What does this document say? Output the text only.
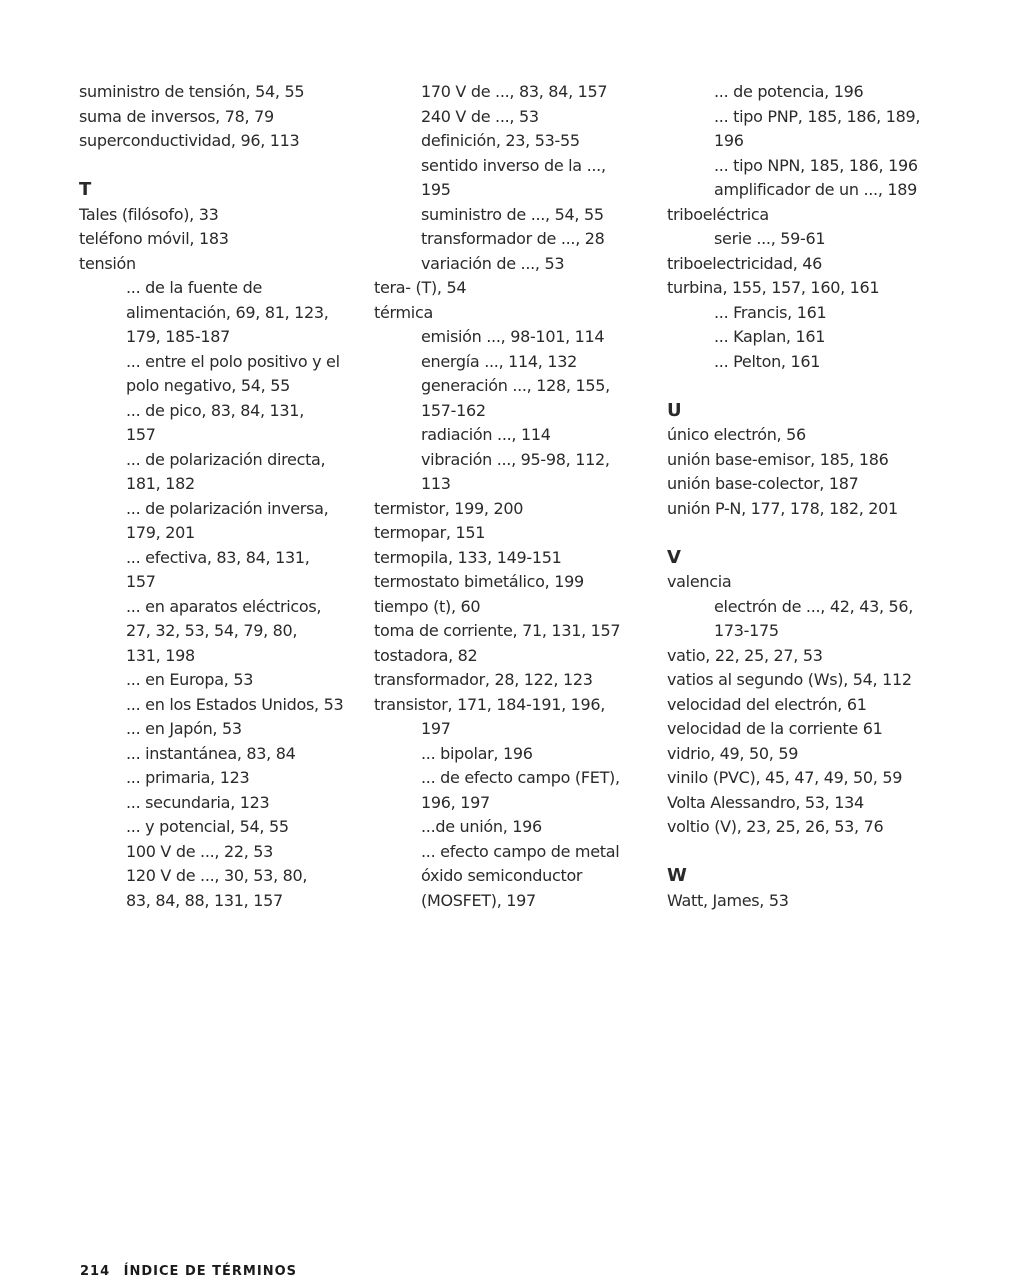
suministro de tensión, 54, 55
suma de inversos, 78, 79
superconductividad, 96, 113
T
Tales (filósofo), 33
teléfono móvil, 183
tensión
... de la fuente de
alimentación, 69, 81, 123,
179, 185-187
... entre el polo positivo y el
polo negativo, 54, 55
... de pico, 83, 84, 131,
157
... de polarización directa,
181, 182
... de polarización inversa,
179, 201
... efectiva, 83, 84, 131,
157
... en aparatos eléctricos,
27, 32, 53, 54, 79, 80,
131, 198
... en Europa, 53
... en los Estados Unidos, 53
... en Japón, 53
... instantánea, 83, 84
... primaria, 123
... secundaria, 123
... y potencial, 54, 55
100 V de ..., 22, 53
120 V de ..., 30, 53, 80,
83, 84, 88, 131, 157
170 V de ..., 83, 84, 157
240 V de ..., 53
definición, 23, 53-55
sentido inverso de la ...,
195
suministro de ..., 54, 55
transformador de ..., 28
variación de ..., 53
tera- (T), 54
térmica
emisión ..., 98-101, 114
energía ..., 114, 132
generación ..., 128, 155,
157-162
radiación ..., 114
vibración ..., 95-98, 112,
113
termistor, 199, 200
termopar, 151
termopila, 133, 149-151
termostato bimetálico, 199
tiempo (t), 60
toma de corriente, 71, 131, 157
tostadora, 82
transformador, 28, 122, 123
transistor, 171, 184-191, 196,
197
... bipolar, 196
... de efecto campo (FET),
196, 197
...de unión, 196
... efecto campo de metal
óxido semiconductor
(MOSFET), 197
... de potencia, 196
... tipo PNP, 185, 186, 189,
196
... tipo NPN, 185, 186, 196
amplificador de un ..., 189
triboeléctrica
serie ..., 59-61
triboelectricidad, 46
turbina, 155, 157, 160, 161
... Francis, 161
... Kaplan, 161
... Pelton, 161
U
único electrón, 56
unión base-emisor, 185, 186
unión base-colector, 187
unión P-N, 177, 178, 182, 201
V
valencia
electrón de ..., 42, 43, 56,
173-175
vatio, 22, 25, 27, 53
vatios al segundo (Ws), 54, 112
velocidad del electrón, 61
velocidad de la corriente 61
vidrio, 49, 50, 59
vinilo (PVC), 45, 47, 49, 50, 59
Volta Alessandro, 53, 134
voltio (V), 23, 25, 26, 53, 76
W
Watt, James, 53
214 ÍNDICE DE TÉRMINOS
